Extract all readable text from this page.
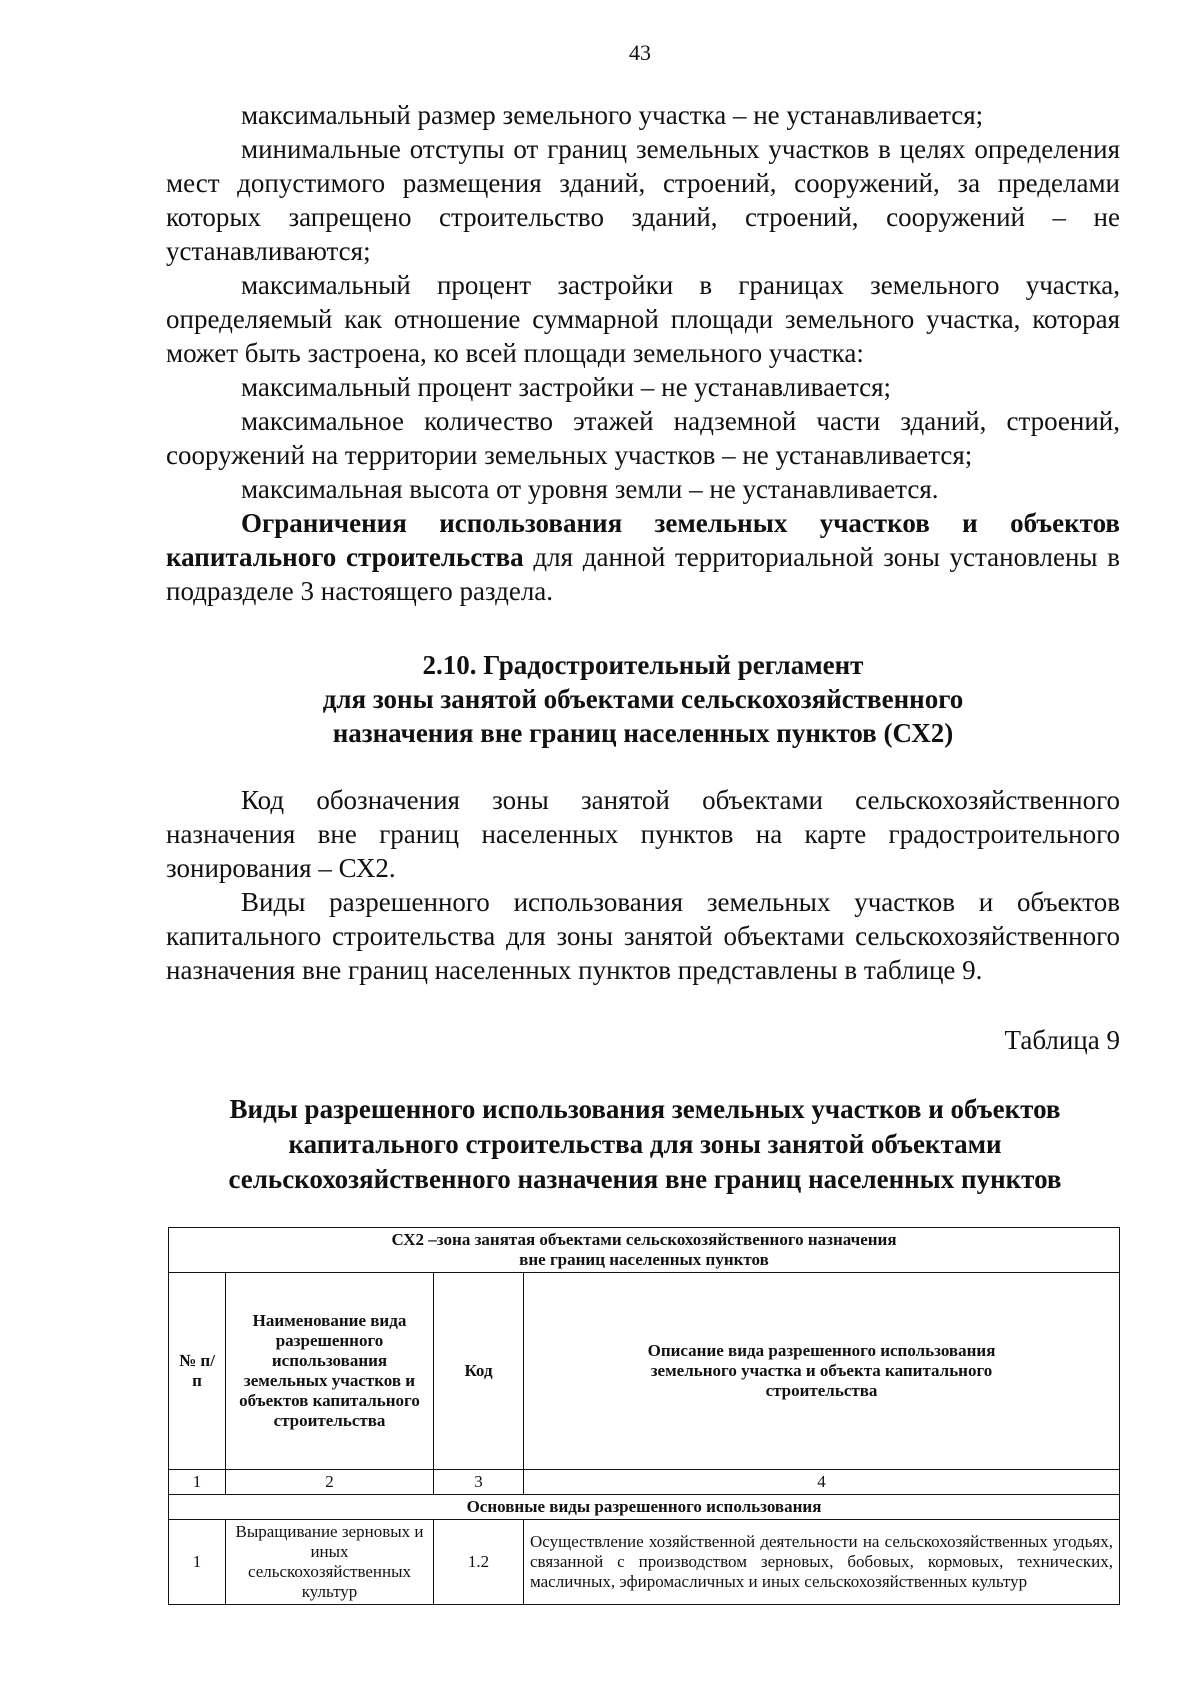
43

максимальный размер земельного участка – не устанавливается;

минимальные отступы от границ земельных участков в целях определения мест допустимого размещения зданий, строений, сооружений, за пределами которых запрещено строительство зданий, строений, сооружений – не устанавливаются;

максимальный процент застройки в границах земельного участка, определяемый как отношение суммарной площади земельного участка, которая может быть застроена, ко всей площади земельного участка:

максимальный процент застройки – не устанавливается;

максимальное количество этажей надземной части зданий, строений, сооружений на территории земельных участков – не устанавливается;

максимальная высота от уровня земли – не устанавливается.

Ограничения использования земельных участков и объектов капитального строительства для данной территориальной зоны установлены в подразделе 3 настоящего раздела.

2.10. Градостроительный регламент
для зоны занятой объектами сельскохозяйственного
назначения вне границ населенных пунктов (СХ2)

Код обозначения зоны занятой объектами сельскохозяйственного назначения вне границ населенных пунктов на карте градостроительного зонирования – СХ2.

Виды разрешенного использования земельных участков и объектов капитального строительства для зоны занятой объектами сельскохозяйственного назначения вне границ населенных пунктов представлены в таблице 9.

Таблица 9
Виды разрешенного использования земельных участков и объектов
капитального строительства для зоны занятой объектами
сельскохозяйственного назначения вне границ населенных пунктов
СХ2 –зона занятая объектами сельскохозяйственного назначения
вне границ населенных пунктов			

№ п/п	Наименование вида разрешенного использования земельных участков и объектов капитального строительства	Код	Описание вида разрешенного использования земельного участка и объекта капитального строительства
1	2	3	4
Основные виды разрешенного использования			
1	Выращивание зерновых и иных сельскохозяйственных культур	1.2	Осуществление хозяйственной деятельности на сельскохозяйственных угодьях, связанной с производством зерновых, бобовых, кормовых, технических, масличных, эфиромасличных и иных сельскохозяйственных культур
